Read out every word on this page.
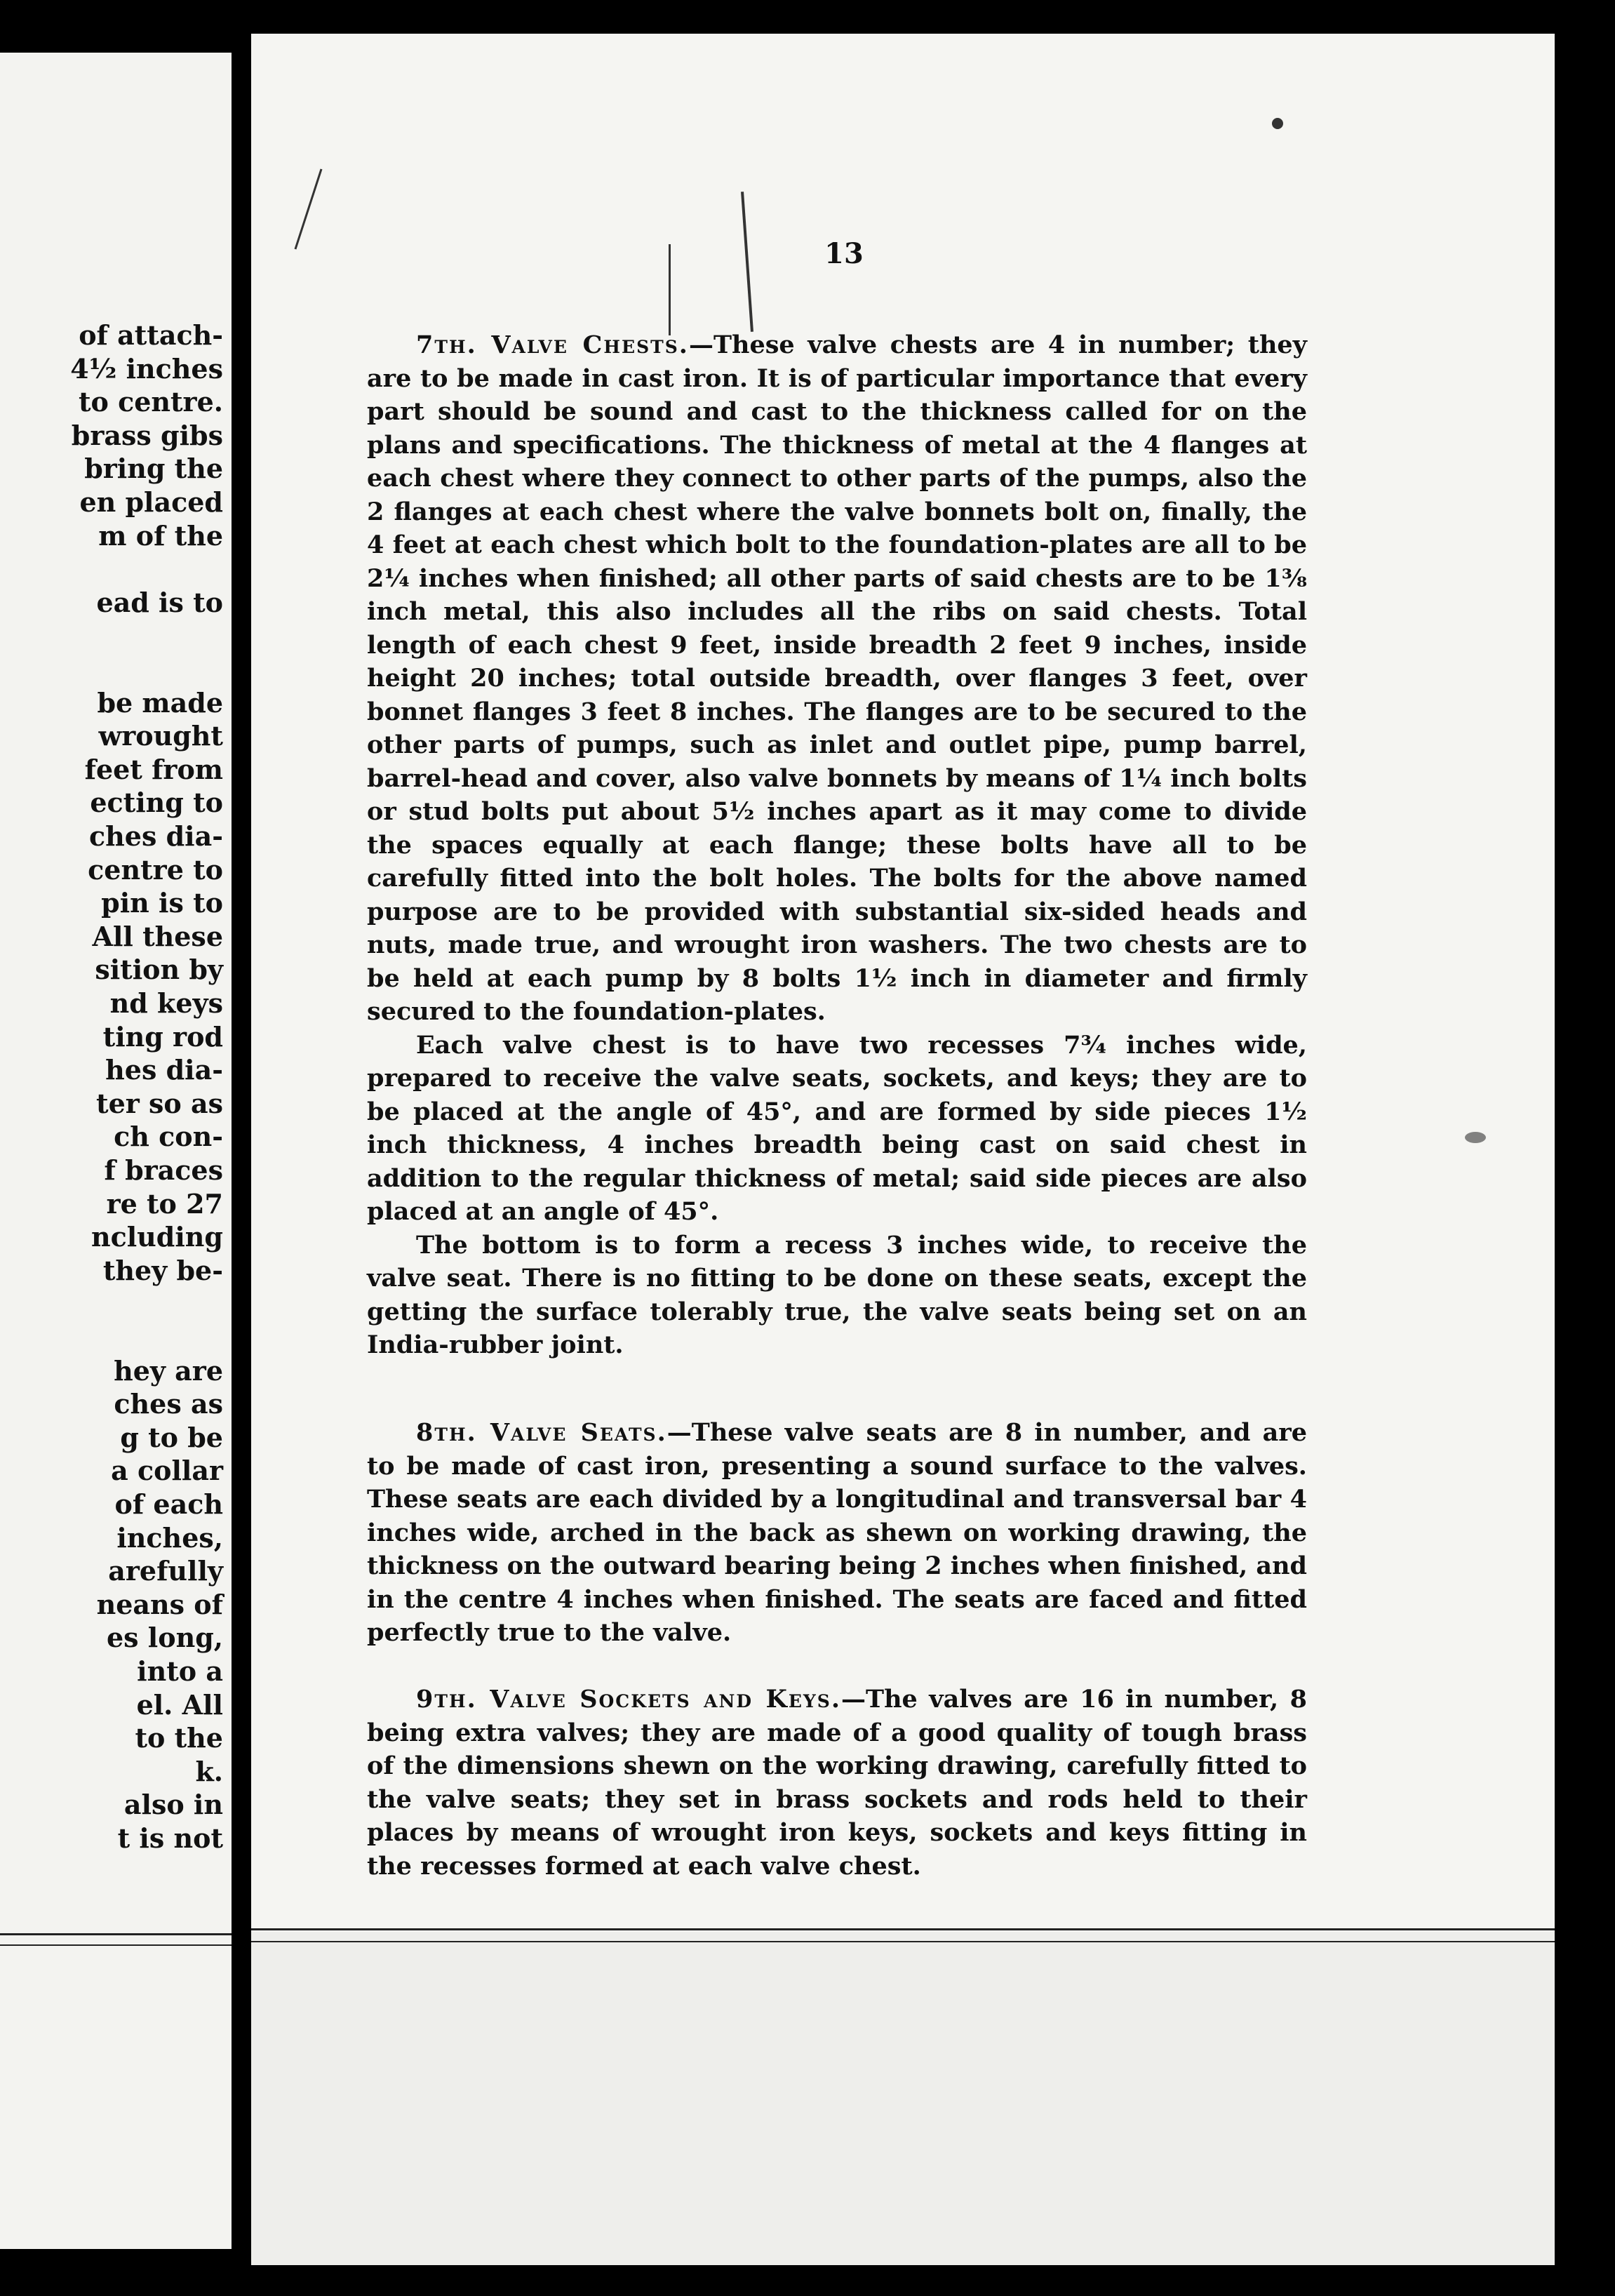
of attach-
4½ inches
to centre.
brass gibs
bring the
en placed
m of the
ead is to
be made
wrought
feet from
ecting to
ches dia-
centre to
pin is to
All these
sition by
nd keys
ting rod
hes dia-
ter so as
ch con-
f braces
re to 27
ncluding
they be-
hey are
ches as
g to be
a collar
of each
inches,
arefully
neans of
es long,
into a
el. All
to the
k.
also in
t is not
13

7th. Valve Chests.—These valve chests are 4 in number; they are to be made in cast iron. It is of particular importance that every part should be sound and cast to the thickness called for on the plans and specifications. The thickness of metal at the 4 flanges at each chest where they connect to other parts of the pumps, also the 2 flanges at each chest where the valve bonnets bolt on, finally, the 4 feet at each chest which bolt to the foundation-plates are all to be 2¼ inches when finished; all other parts of said chests are to be 1⅜ inch metal, this also includes all the ribs on said chests. Total length of each chest 9 feet, inside breadth 2 feet 9 inches, inside height 20 inches; total outside breadth, over flanges 3 feet, over bonnet flanges 3 feet 8 inches. The flanges are to be secured to the other parts of pumps, such as inlet and outlet pipe, pump barrel, barrel-head and cover, also valve bonnets by means of 1¼ inch bolts or stud bolts put about 5½ inches apart as it may come to divide the spaces equally at each flange; these bolts have all to be carefully fitted into the bolt holes. The bolts for the above named purpose are to be provided with substantial six-sided heads and nuts, made true, and wrought iron washers. The two chests are to be held at each pump by 8 bolts 1½ inch in diameter and firmly secured to the foundation-plates.

Each valve chest is to have two recesses 7¾ inches wide, prepared to receive the valve seats, sockets, and keys; they are to be placed at the angle of 45°, and are formed by side pieces 1½ inch thickness, 4 inches breadth being cast on said chest in addition to the regular thickness of metal; said side pieces are also placed at an angle of 45°.

The bottom is to form a recess 3 inches wide, to receive the valve seat. There is no fitting to be done on these seats, except the getting the surface tolerably true, the valve seats being set on an India-rubber joint.

8th. Valve Seats.—These valve seats are 8 in number, and are to be made of cast iron, presenting a sound surface to the valves. These seats are each divided by a longitudinal and transversal bar 4 inches wide, arched in the back as shewn on working drawing, the thickness on the outward bearing being 2 inches when finished, and in the centre 4 inches when finished. The seats are faced and fitted perfectly true to the valve.

9th. Valve Sockets and Keys.—The valves are 16 in number, 8 being extra valves; they are made of a good quality of tough brass of the dimensions shewn on the working drawing, carefully fitted to the valve seats; they set in brass sockets and rods held to their places by means of wrought iron keys, sockets and keys fitting in the recesses formed at each valve chest.
